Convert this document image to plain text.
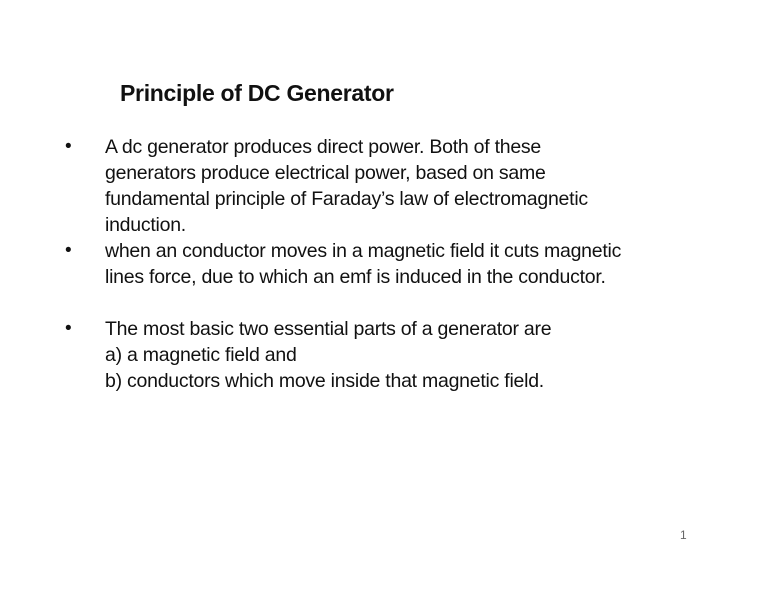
Principle of DC Generator
• A dc generator produces direct power. Both of these
generators produce electrical power, based on same
fundamental principle of Faraday’s law of electromagnetic
induction.
• when an conductor moves in a magnetic field it cuts magnetic
lines force, due to which an emf is induced in the conductor.
• The most basic two essential parts of a generator are
a) a magnetic field and
b) conductors which move inside that magnetic field.
1
